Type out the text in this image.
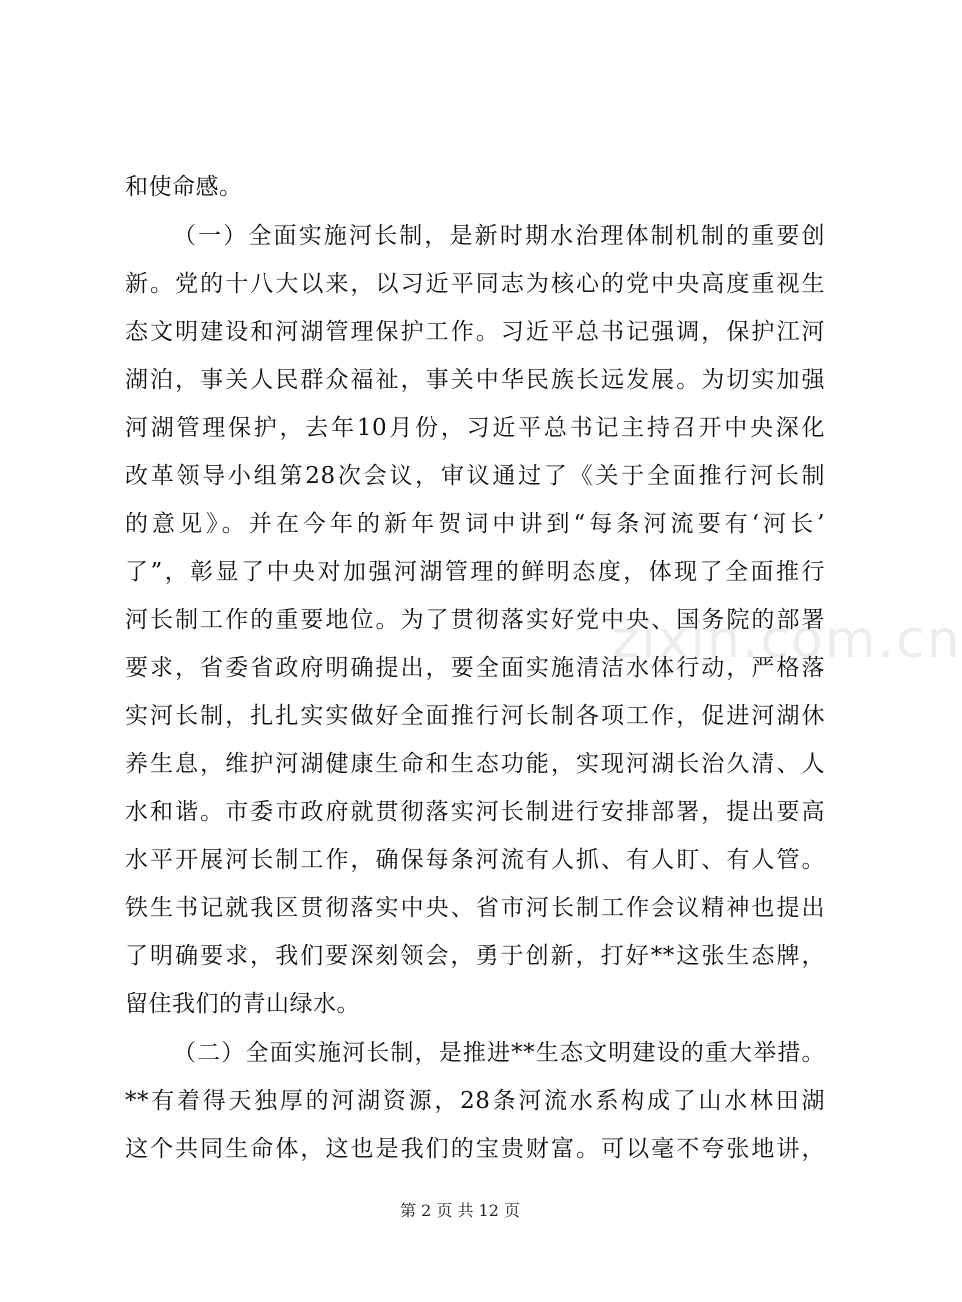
zixin.com.cn
和使命感。
（一）全面实施河长制，是新时期水治理体制机制的重要创
新。党的十八大以来，以习近平同志为核心的党中央高度重视生
态文明建设和河湖管理保护工作。习近平总书记强调，保护江河
湖泊，事关人民群众福祉，事关中华民族长远发展。为切实加强
河湖管理保护，去年10月份，习近平总书记主持召开中央深化
改革领导小组第28次会议，审议通过了《关于全面推行河长制
的意见》。并在今年的新年贺词中讲到“每条河流要有‘河长’
了”，彰显了中央对加强河湖管理的鲜明态度，体现了全面推行
河长制工作的重要地位。为了贯彻落实好党中央、国务院的部署
要求，省委省政府明确提出，要全面实施清洁水体行动，严格落
实河长制，扎扎实实做好全面推行河长制各项工作，促进河湖休
养生息，维护河湖健康生命和生态功能，实现河湖长治久清、人
水和谐。市委市政府就贯彻落实河长制进行安排部署，提出要高
水平开展河长制工作，确保每条河流有人抓、有人盯、有人管。
铁生书记就我区贯彻落实中央、省市河长制工作会议精神也提出
了明确要求，我们要深刻领会，勇于创新，打好**这张生态牌，
留住我们的青山绿水。
（二）全面实施河长制，是推进**生态文明建设的重大举措。
**有着得天独厚的河湖资源，28条河流水系构成了山水林田湖
这个共同生命体，这也是我们的宝贵财富。可以毫不夸张地讲，
第 2 页 共 12 页
